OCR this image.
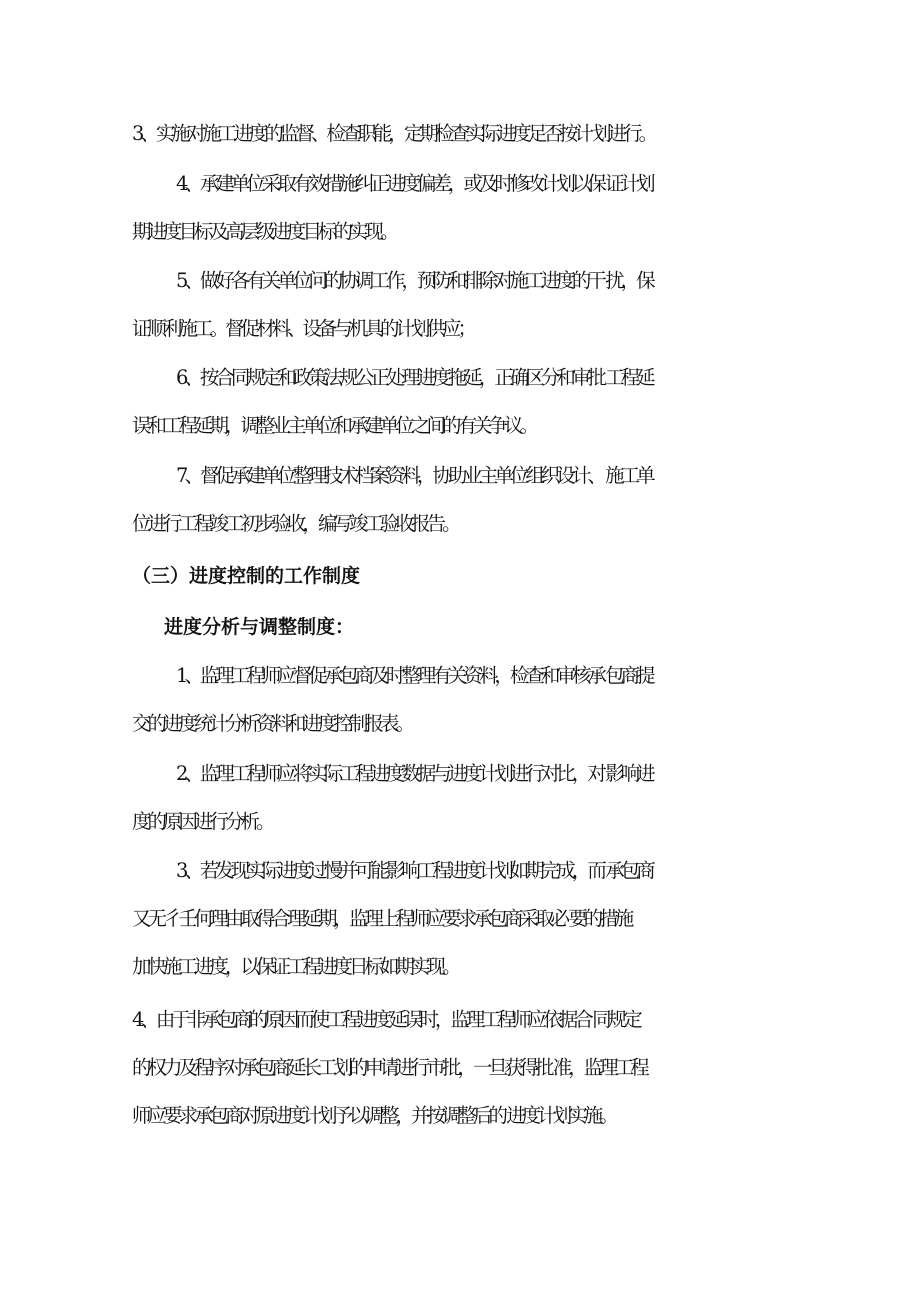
3、实施对施工进度的监督、检查职能，定期检查实际进度足否按计 划进行。
4、承建单位采取有效措施纠正进度偏差，或及时修改计划以保 证计划
期进度目标及高层级进度目标的实现。
5、做好各有关单位问的协调工作，预防和排除对施工进度的干 扰，保
证顺利施工。督促材料、设备与机具的计划供应；
6、按合同规定和政策法规公正处理进度拖延，正确区分和审批 工程延
误和工程延期，调整业主单位和承建单位之间的有关争议。
7、督促承建单位整理技术档案资料，协助业主单位组织设计、 施工单
位进行工程竣工初步验收，编写竣工验收报告。
（三）进度控制的工作制度
进度分析与调整制度：
1、监理工程师应督促承包商及时整理有关资料，检查和审核承 包商提
交的进度统计分析资料和进度控制报表。
2、监理工程师应将实际工程进度数据与进度计划进行对比，对 影响进
度的原因进行分析。
3、若发现实际进度过慢并可能影响工程进度计划如期完成，而 承包商
又无彳壬何理由取得合理延期，监理上程师应要求承包商采取必 要的措施
加快施工进度，以保证工程进度日标如期实现。
4、由于非承包商的原因而使工程进度延误时，监理工程师应依据合 同规定
的权力及程序对承包商延长工划的申请进行市批，一旦获得批 准，监理工程
师应要求承包商对原进度计划予以调整，并按调整后的 进度计划实施。
